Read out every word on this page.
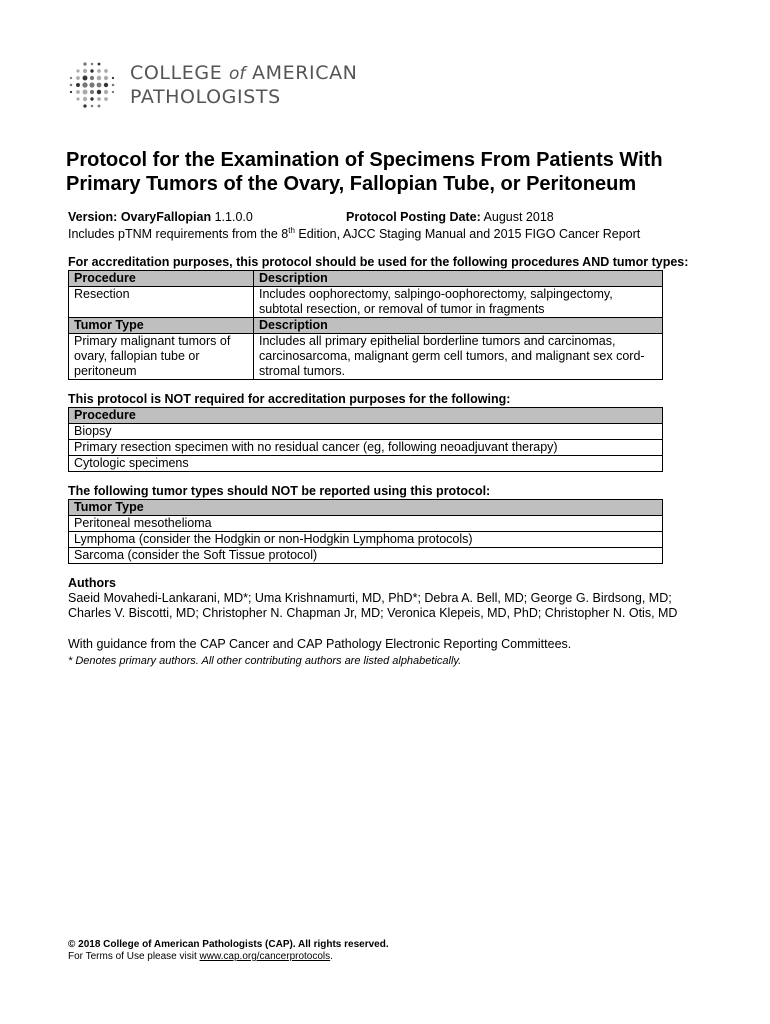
COLLEGE of AMERICAN
PATHOLOGISTS
Protocol for the Examination of Specimens From Patients With Primary Tumors of the Ovary, Fallopian Tube, or Peritoneum
Version: OvaryFallopian 1.1.0.0	Protocol Posting Date: August 2018
Includes pTNM requirements from the 8th Edition, AJCC Staging Manual and 2015 FIGO Cancer Report
For accreditation purposes, this protocol should be used for the following procedures AND tumor types:
Procedure	Description
Resection	Includes oophorectomy, salpingo-oophorectomy, salpingectomy, subtotal resection, or removal of tumor in fragments
Tumor Type	Description
Primary malignant tumors of ovary, fallopian tube or peritoneum	Includes all primary epithelial borderline tumors and carcinomas, carcinosarcoma, malignant germ cell tumors, and malignant sex cord-stromal tumors.
This protocol is NOT required for accreditation purposes for the following:
Procedure
Biopsy
Primary resection specimen with no residual cancer (eg, following neoadjuvant therapy)
Cytologic specimens
The following tumor types should NOT be reported using this protocol:
Tumor Type
Peritoneal mesothelioma
Lymphoma (consider the Hodgkin or non-Hodgkin Lymphoma protocols)
Sarcoma (consider the Soft Tissue protocol)
Authors
Saeid Movahedi-Lankarani, MD*; Uma Krishnamurti, MD, PhD*; Debra A. Bell, MD; George G. Birdsong, MD; Charles V. Biscotti, MD; Christopher N. Chapman Jr, MD; Veronica Klepeis, MD, PhD; Christopher N. Otis, MD
With guidance from the CAP Cancer and CAP Pathology Electronic Reporting Committees.
* Denotes primary authors. All other contributing authors are listed alphabetically.
© 2018 College of American Pathologists (CAP). All rights reserved.
For Terms of Use please visit www.cap.org/cancerprotocols.
